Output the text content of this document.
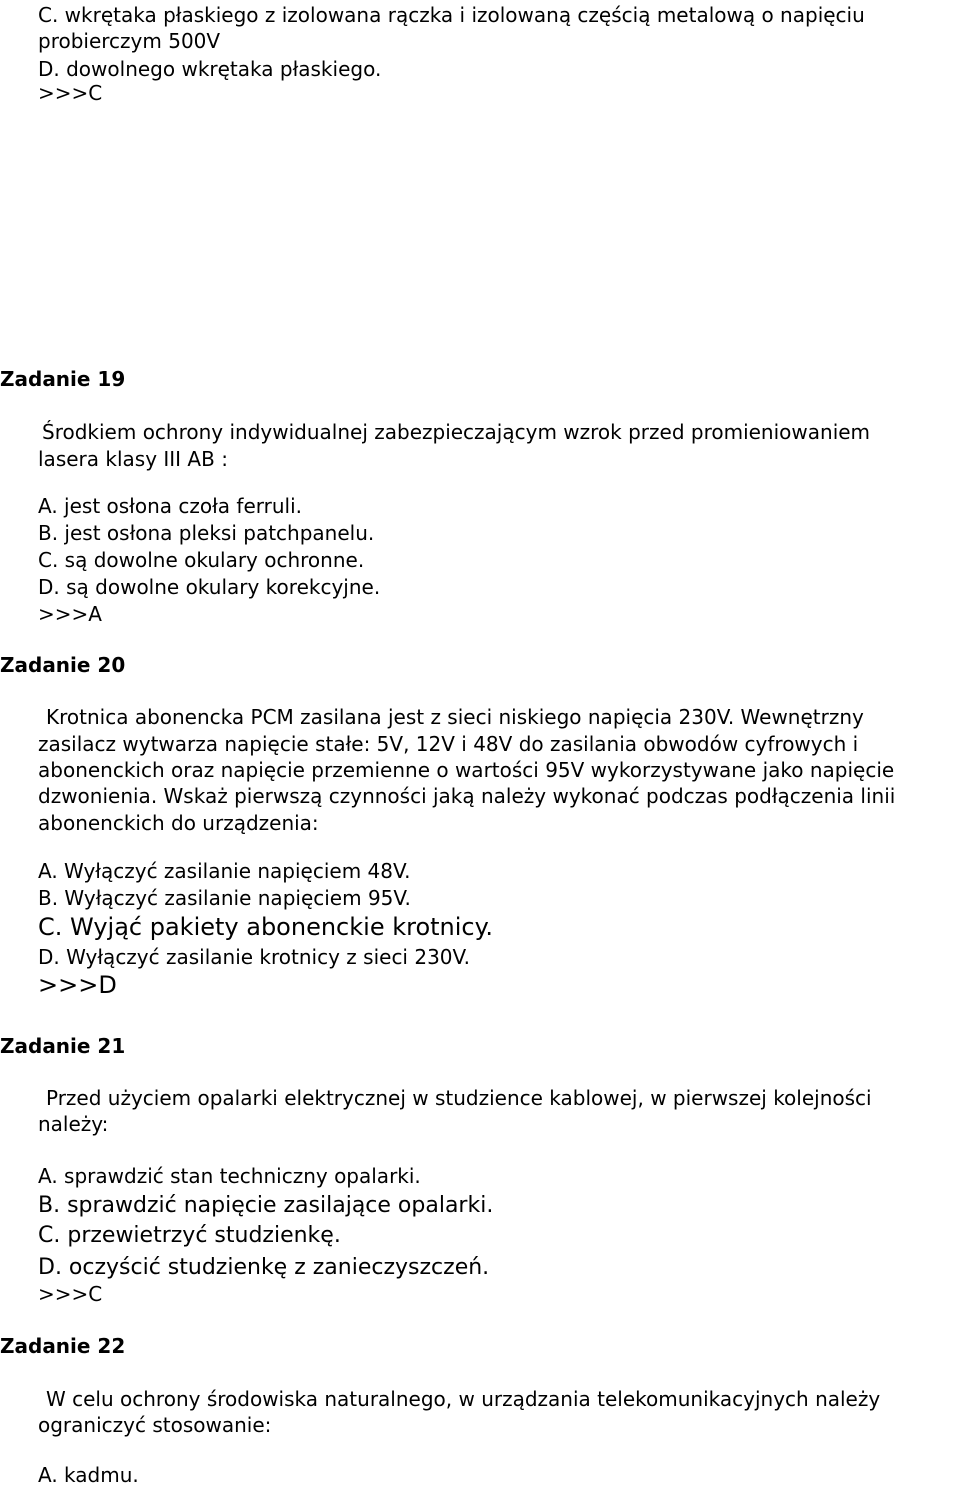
C. wkrętaka płaskiego z izolowana rączka i izolowaną częścią metalową o napięciu
probierczym 500V
D. dowolnego wkrętaka płaskiego.
>>>C
Zadanie 19
Środkiem ochrony indywidualnej zabezpieczającym wzrok przed promieniowaniem
lasera klasy III AB :
A. jest osłona czoła ferruli.
B. jest osłona pleksi patchpanelu.
C. są dowolne okulary ochronne.
D. są dowolne okulary korekcyjne.
>>>A
Zadanie 20
Krotnica abonencka PCM zasilana jest z sieci niskiego napięcia 230V. Wewnętrzny
zasilacz wytwarza napięcie stałe: 5V, 12V i 48V do zasilania obwodów cyfrowych i
abonenckich oraz napięcie przemienne o wartości 95V wykorzystywane jako napięcie
dzwonienia. Wskaż pierwszą czynności jaką należy wykonać podczas podłączenia linii
abonenckich do urządzenia:
A. Wyłączyć zasilanie napięciem 48V.
B. Wyłączyć zasilanie napięciem 95V.
C. Wyjąć pakiety abonenckie krotnicy.
D. Wyłączyć zasilanie krotnicy z sieci 230V.
>>>D
Zadanie 21
Przed użyciem opalarki elektrycznej w studzience kablowej, w pierwszej kolejności
należy:
A. sprawdzić stan techniczny opalarki.
B. sprawdzić napięcie zasilające opalarki.
C. przewietrzyć studzienkę.
D. oczyścić studzienkę z zanieczyszczeń.
>>>C
Zadanie 22
W celu ochrony środowiska naturalnego, w urządzania telekomunikacyjnych należy
ograniczyć stosowanie:
A. kadmu.
